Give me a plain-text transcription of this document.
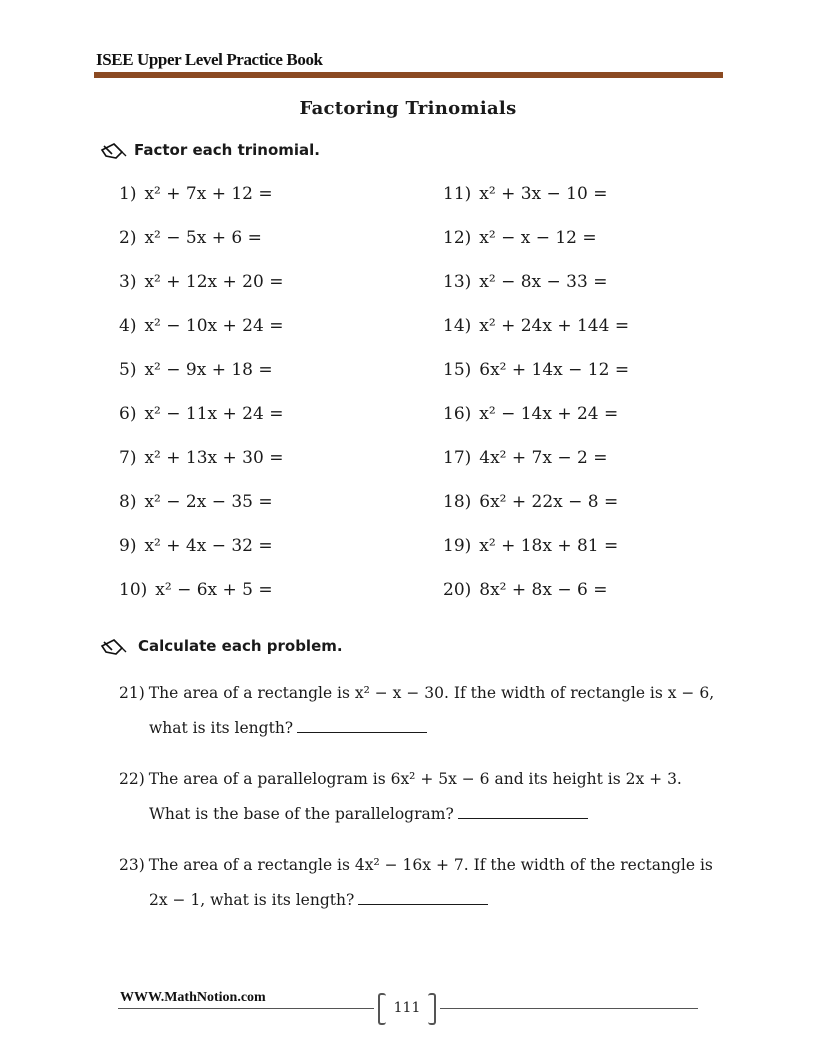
ISEE Upper Level Practice Book
Factoring Trinomials
Factor each trinomial.
1) x² + 7x + 12 =
2) x² − 5x + 6 =
3) x² + 12x + 20 =
4) x² − 10x + 24 =
5) x² − 9x + 18 =
6) x² − 11x + 24 =
7) x² + 13x + 30 =
8) x² − 2x − 35 =
9) x² + 4x − 32 =
10) x² − 6x + 5 =
11) x² + 3x − 10 =
12) x² − x − 12 =
13) x² − 8x − 33 =
14) x² + 24x + 144 =
15) 6x² + 14x − 12 =
16) x² − 14x + 24 =
17) 4x² + 7x − 2 =
18) 6x² + 22x − 8 =
19) x² + 18x + 81 =
20) 8x² + 8x − 6 =
Calculate each problem.
21) The area of a rectangle is x² − x − 30. If the width of rectangle is x − 6,
what is its length?
22) The area of a parallelogram is 6x² + 5x − 6 and its height is 2x + 3.
What is the base of the parallelogram?
23) The area of a rectangle is 4x² − 16x + 7. If the width of the rectangle is
2x − 1, what is its length?
WWW.MathNotion.com
111
